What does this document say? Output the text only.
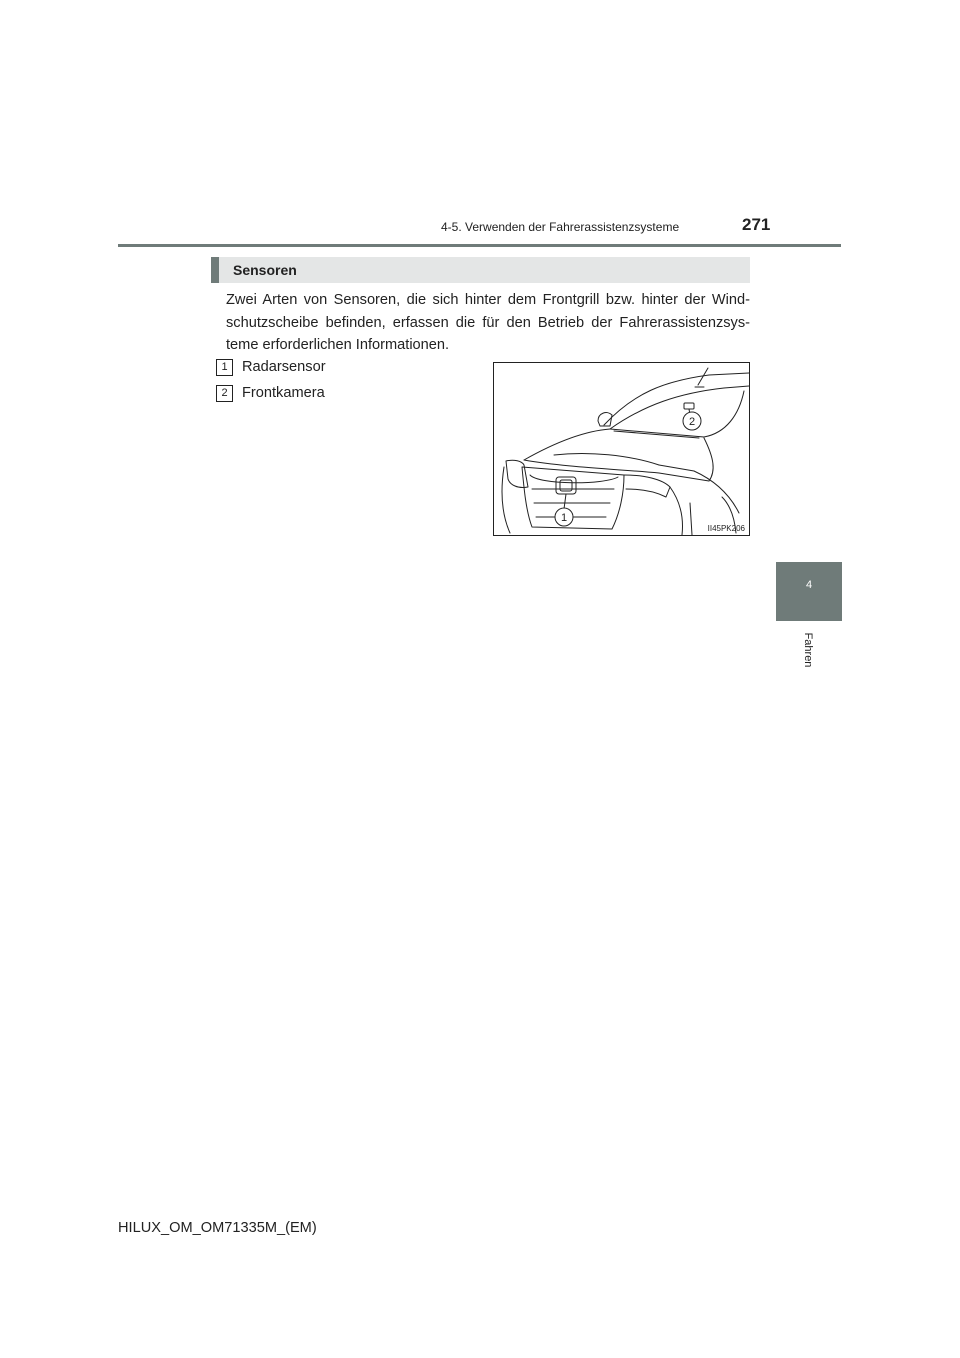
4-5. Verwenden der Fahrerassistenzsysteme	271
Sensoren
Zwei Arten von Sensoren, die sich hinter dem Frontgrill bzw. hinter der Wind-schutzscheibe befinden, erfassen die für den Betrieb der Fahrerassistenzsys-teme erforderlichen Informationen.
1 Radarsensor
2 Frontkamera
2
1
II45PK206
4
Fahren
HILUX_OM_OM71335M_(EM)
